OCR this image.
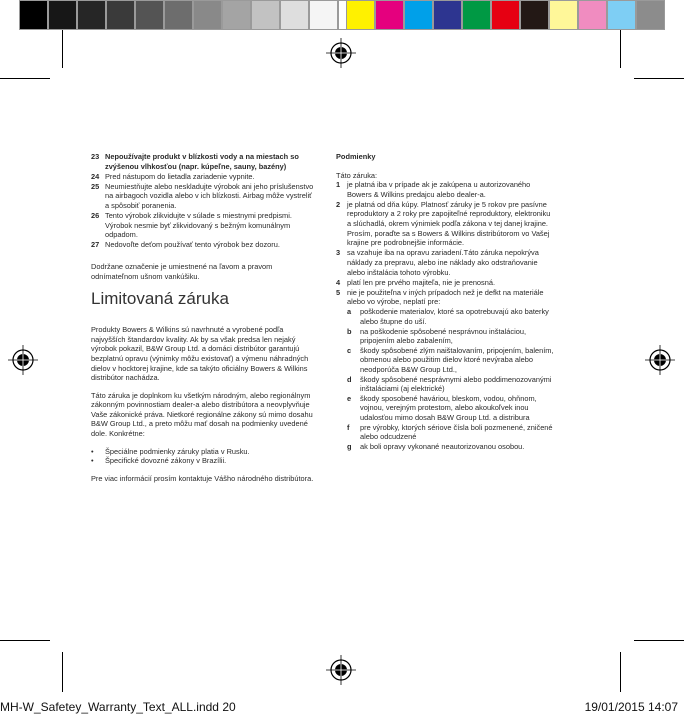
23 Nepoužívajte produkt v blízkosti vody a na miestach so zvýšenou vlhkosťou (napr. kúpeľne, sauny, bazény)
24 Pred nástupom do lietadla zariadenie vypnite.
25 Neumiestňujte alebo neskladujte výrobok ani jeho príslušenstvo na airbagoch vozidla alebo v ich blízkosti. Airbag môže vystreliť a spôsobiť poranenia.
26 Tento výrobok zlikvidujte v súlade s miestnymi predpismi. Výrobok nesmie byť zlikvidovaný s bežným komunálnym odpadom.
27 Nedovoľte deťom používať tento výrobok bez dozoru.

Dodržane označenie je umiestnené na ľavom a pravom odnímateľnom ušnom vankúšiku.

Limitovaná záruka

Produkty Bowers & Wilkins sú navrhnuté a vyrobené podľa najvyšších štandardov kvality. Ak by sa však predsa len nejaký výrobok pokazil, B&W Group Ltd. a domáci distribútor garantujú bezplatnú opravu (výnimky môžu existovať) a výmenu náhradných dielov v hocktorej krajine, kde sa takýto oficiálny Bowers & Wilkins distribútor nachádza.

Táto záruka je doplnkom ku všetkým národným, alebo regionálnym zákonným povinnostiam dealer-a alebo distribútora a neovplyvňuje Vaše zákonické práva. Nietkoré regionálne zákony sú mimo dosahu B&W Group Ltd., a preto môžu mať dosah na podmienky uvedené dole. Konkrétne:

•	Špeciálne podmienky záruky platia v Rusku.
•	Špecifické dovozné zákony v Brazílii.

Pre viac informácií prosím kontaktuje Vášho národného distribútora.

Podmienky
Táto záruka:
1 je platná iba v prípade ak je zakúpena u autorizovaného Bowers & Wilkins predajcu alebo dealer-a.
2 je platná od dňa kúpy. Platnosť záruky je 5 rokov pre pasívne reproduktory a 2 roky pre zapojiteľné reproduktory, elektroniku a slúchadlá, okrem výnimiek podľa zákona v tej danej krajine. Prosím, poraďte sa s Bowers & Wilkins distribútorom vo Vašej krajine pre podrobnejšie informácie.
3 sa vzahuje iba na opravu zariadení.Táto záruka nepokrýva náklady za prepravu, alebo ine náklady ako odstraňovanie alebo inštalácia tohoto výrobku.
4 platí len pre prvého majiteľa, nie je prenosná.
5 nie je použiteľna v iných prípadoch než je defkt na materiále alebo vo výrobe, neplatí pre:
a	poškodenie materialov, ktoré sa opotrebuvajú ako baterky alebo štupne do uší.
b	na poškodenie spôsobené nesprávnou inštaláciou, pripojením alebo zabalením,
c	škody spôsobené zlým naištalovaním, pripojením, balením, obmenou alebo použitim dielov ktoré nevýraba alebo neodporúča B&W Group Ltd.,
d	škody spôsobené nesprávnymi alebo poddimenozovanými inštaláciami (aj elektrické)
e	škody sposobené haváriou, bleskom, vodou, ohňnom, vojnou, verejným protestom, alebo akoukoľvek inou udalosťou mimo dosah B&W Group Ltd. a distribura
f	pre výrobky, ktorých sériove čísla boli pozmenené, zničené alebo odcudzené
g	ak boli opravy vykonané neautorizovanou osobou.
MH-W_Safetey_Warranty_Text_ALL.indd 20	19/01/2015 14:07
